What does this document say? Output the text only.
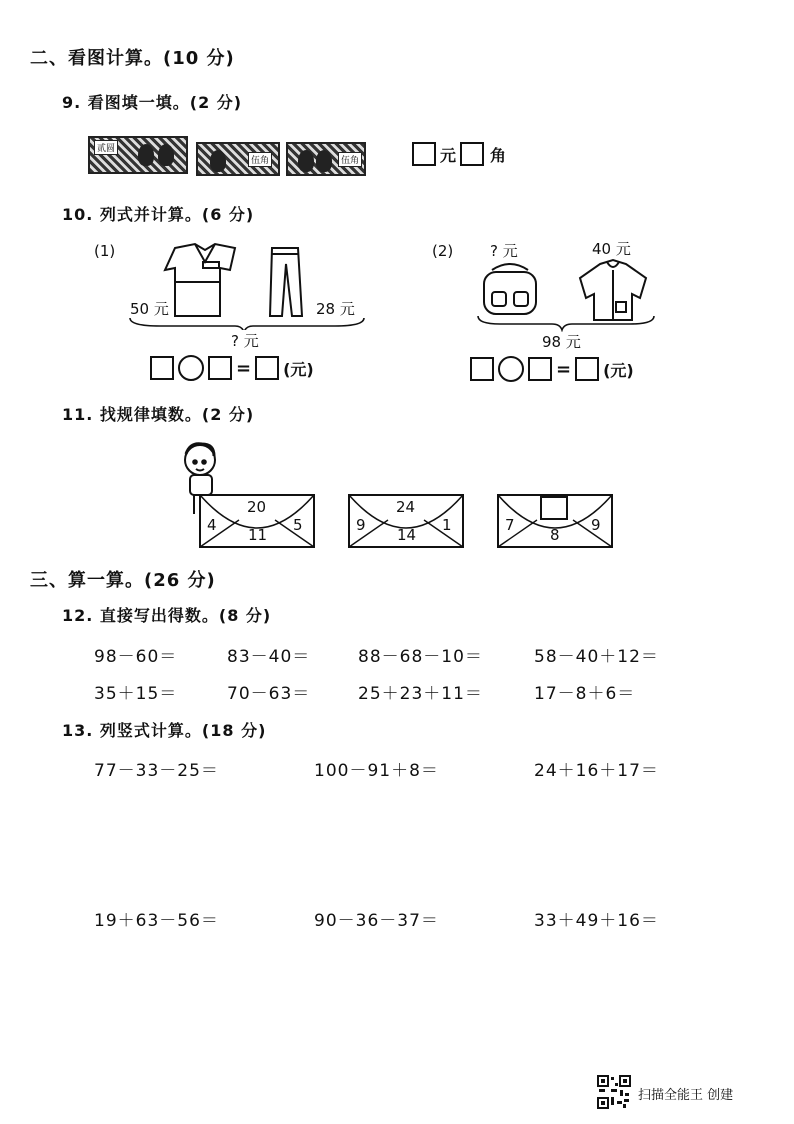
二、看图计算。(10 分)
9. 看图填一填。(2 分)
贰圆
伍角	伍角	元 角
10. 列式并计算。(6 分)
(1)
50 元	28 元
? 元
= (元)
(2) ? 元	40 元
98 元
= (元)
11. 找规律填数。(2 分)
20
4	5
11
24
9	1
14
7	9
8
三、算一算。(26 分)
12. 直接写出得数。(8 分)
98－60＝	83－40＝	88－68－10＝	58－40＋12＝
35＋15＝	70－63＝	25＋23＋11＝	17－8＋6＝
13. 列竖式计算。(18 分)
77－33－25＝	100－91＋8＝	24＋16＋17＝
19＋63－56＝	90－36－37＝	33＋49＋16＝
扫描全能王 创建
